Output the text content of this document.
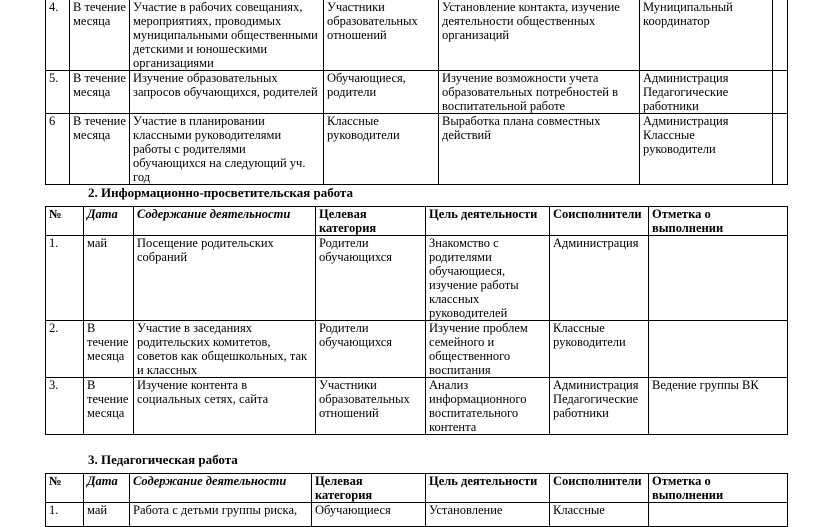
4.	В течение месяца	Участие в рабочих совещаниях, мероприятиях, проводимых муниципальными общественными детскими и юношескими организациями	Участники образовательных отношений	Установление контакта, изучение деятельности общественных организаций	Муниципальный координатор	
5.	В течение месяца	Изучение образовательных запросов обучающихся, родителей	Обучающиеся, родители	Изучение возможности учета образовательных потребностей в воспитательной работе	Администрация Педагогические работники	
6	В течение месяца	Участие в планировании классными руководителями работы с родителями обучающихся на следующий уч. год	Классные руководители	Выработка плана совместных действий	Администрация Классные руководители	
2. Информационно-просветительская работа
№	Дата	Содержание деятельности	Целевая категория	Цель деятельности	Соисполнители	Отметка о выполнении
1.	май	Посещение родительских собраний	Родители обучающихся	Знакомство с родителями обучающиеся, изучение работы классных руководителей	Администрация	
2.	В течение месяца	Участие в заседаниях родительских комитетов, советов как общешкольных, так и классных	Родители обучающихся	Изучение проблем семейного и общественного воспитания	Классные руководители	
3.	В течение месяца	Изучение контента в социальных сетях, сайта	Участники образовательных отношений	Анализ информационного воспитательного контента	Администрация Педагогические работники	Ведение группы ВК
3. Педагогическая работа
№	Дата	Содержание деятельности	Целевая категория	Цель деятельности	Соисполнители	Отметка о выполнении
1.	май	Работа с детьми группы риска,	Обучающиеся	Установление	Классные	
